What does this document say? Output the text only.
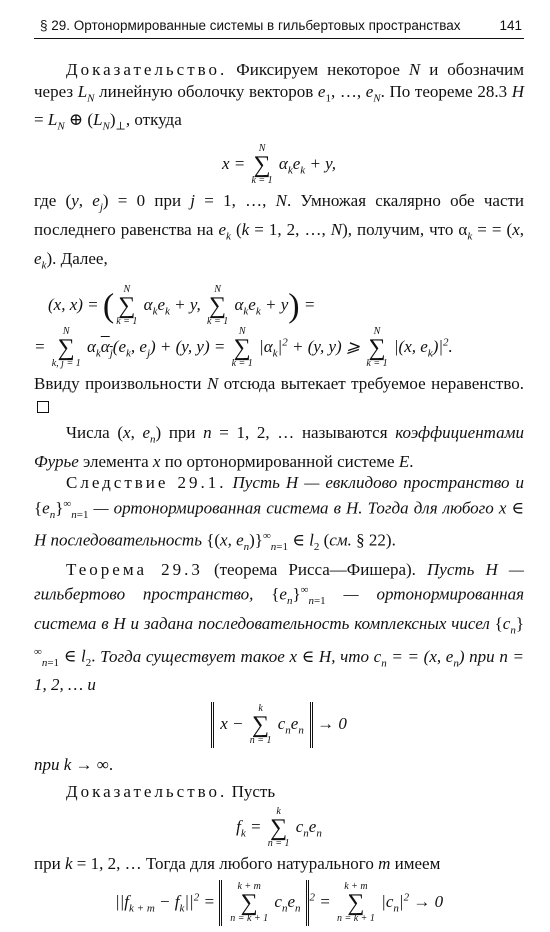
§ 29. Ортонормированные системы в гильбертовых пространствах	141

Доказательство. Фиксируем некоторое N и обозначим через $L_N$ линейную оболочку векторов $e_1$, …, $e_N$. По теореме 28.3 $H = L_N$ ⊕ $(L_N)_\perp$, откуда

x =
N
∑
k = 1
$\alpha_ke_k + y$,

где (y, $e_j) = 0$ при j = 1, …, N. Умножая скалярно обе части последнего равенства на $e_k$ (k = 1, 2, …, N), получим, что $\alpha_k$ = = (x, $e_k$). Далее,

(x, x) = ( N
∑
k = 1
$\alpha_ke_k + y$,
N
∑
k = 1
$\alpha_ke_k + y$) =
=
N
∑
k, j = 1
$\alpha_k\alpha_j(e_k$, $e_j) + (y$, y) =
N
∑
k = 1
$|\alpha_k|^2 + (y$, y) ⩾
N
∑
k = 1
|(x, $e_k)|^2$.

Ввиду произвольности N отсюда вытекает требуемое неравенство.

Числа (x, $e_n$) при n = 1, 2, … называются коэффициентами Фурье элемента x по ортонормированной системе E.

Следствие 29.1. Пусть H — евклидово пространство и $\{e_n\}^\infty_{n=1}$ — ортонормированная система в H. Тогда для любого x ∈ H последовательность {(x, $e_n)\}^\infty_{n=1}$ ∈ $l_2$ (см. § 22).

Теорема 29.3 (теорема Рисса—Фишера). Пусть H — гильбертово пространство, $\{e_n\}^\infty_{n=1}$ — ортонормированная система в H и задана последовательность комплексных чисел $\{c_n\}^\infty_{n=1}$ ∈ $l_2$. Тогда существует такое x ∈ H, что $c_n$ = = (x, $e_n$) при n = 1, 2, … и

x −
k
∑
n = 1
$c_ne_n \to 0$

при k → ∞.

Доказательство. Пусть

$f_k$ =
k
∑
n = 1
$c_ne_n$

при k = 1, 2, … Тогда для любого натурального m имеем

$||f_{k + m} - f_k||^2$ =
k + m
∑
n = k + 1
$c_ne_n^2$ =
k + m
∑
n = k + 1
$|c_n|^2 \to 0$
